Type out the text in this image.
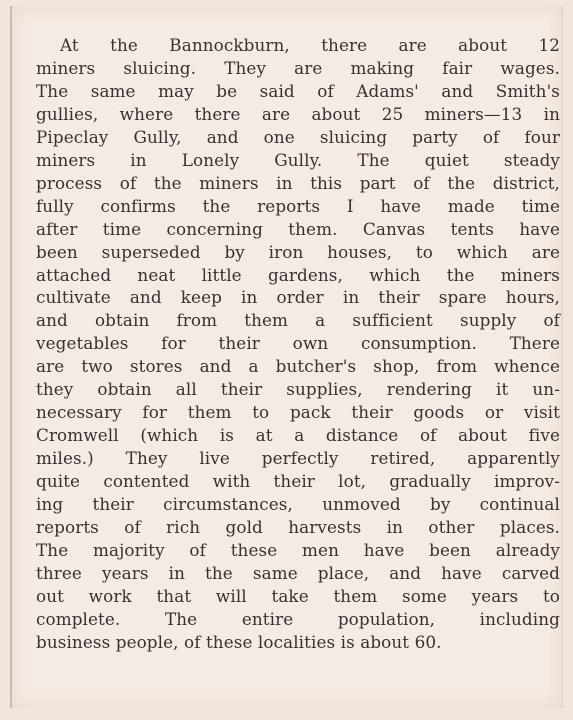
At the Bannockburn, there are about 12
miners sluicing. They are making fair wages.
The same may be said of Adams' and Smith's
gullies, where there are about 25 miners—13 in
Pipeclay Gully, and one sluicing party of four
miners in Lonely Gully. The quiet steady
process of the miners in this part of the district,
fully confirms the reports I have made time
after time concerning them. Canvas tents have
been superseded by iron houses, to which are
attached neat little gardens, which the miners
cultivate and keep in order in their spare hours,
and obtain from them a sufficient supply of
vegetables for their own consumption. There
are two stores and a butcher's shop, from whence
they obtain all their supplies, rendering it un-
necessary for them to pack their goods or visit
Cromwell (which is at a distance of about five
miles.) They live perfectly retired, apparently
quite contented with their lot, gradually improv-
ing their circumstances, unmoved by continual
reports of rich gold harvests in other places.
The majority of these men have been already
three years in the same place, and have carved
out work that will take them some years to
complete. The entire population, including
business people, of these localities is about 60.
